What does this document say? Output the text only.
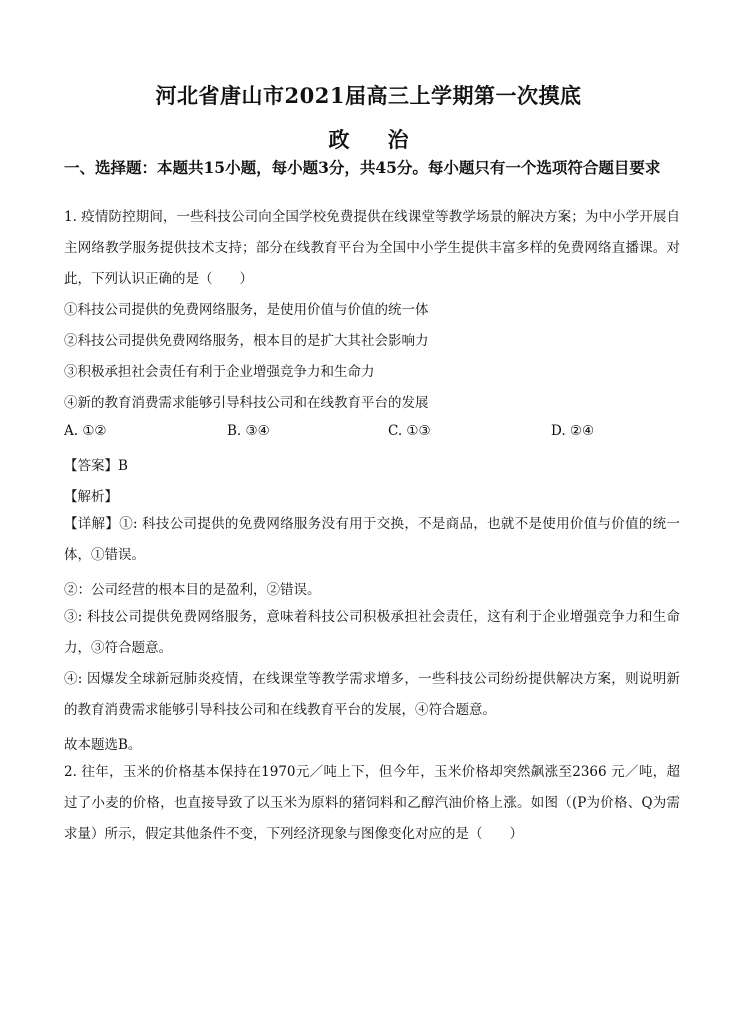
河北省唐山市2021届高三上学期第一次摸底
政 治
一、选择题：本题共15小题，每小题3分，共45分。每小题只有一个选项符合题目要求
1. 疫情防控期间，一些科技公司向全国学校免费提供在线课堂等教学场景的解决方案；为中小学开展自主网络教学服务提供技术支持；部分在线教育平台为全国中小学生提供丰富多样的免费网络直播课。对此，下列认识正确的是（　　）
①科技公司提供的免费网络服务，是使用价值与价值的统一体
②科技公司提供免费网络服务，根本目的是扩大其社会影响力
③积极承担社会责任有利于企业增强竞争力和生命力
④新的教育消费需求能够引导科技公司和在线教育平台的发展
A. ①②	B. ③④	C. ①③	D. ②④
【答案】B
【解析】
【详解】①: 科技公司提供的免费网络服务没有用于交换，不是商品，也就不是使用价值与价值的统一体，①错误。
②：公司经营的根本目的是盈利，②错误。
③: 科技公司提供免费网络服务，意味着科技公司积极承担社会责任，这有利于企业增强竞争力和生命力，③符合题意。
④: 因爆发全球新冠肺炎疫情，在线课堂等教学需求增多，一些科技公司纷纷提供解决方案，则说明新的教育消费需求能够引导科技公司和在线教育平台的发展，④符合题意。
故本题选B。
2. 往年，玉米的价格基本保持在1970元／吨上下，但今年，玉米价格却突然飙涨至2366 元／吨，超过了小麦的价格，也直接导致了以玉米为原料的猪饲料和乙醇汽油价格上涨。如图（(P为价格、Q为需求量）所示，假定其他条件不变，下列经济现象与图像变化对应的是（　　）
